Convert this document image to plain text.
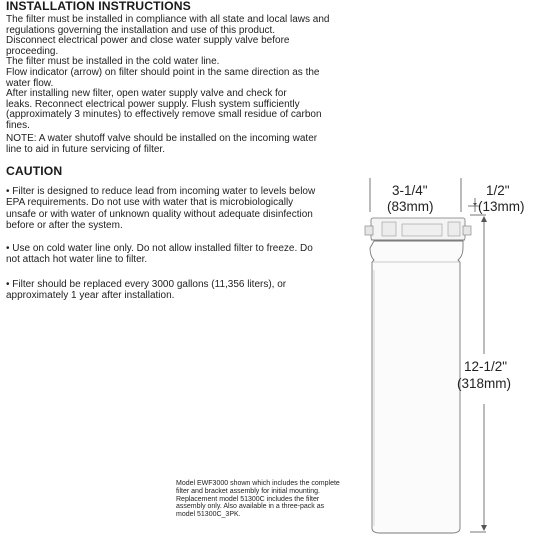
INSTALLATION INSTRUCTIONS
The filter must be installed in compliance with all state and local laws and
regulations governing the installation and use of this product.
Disconnect electrical power and close water supply valve before
proceeding.
The filter must be installed in the cold water line.
Flow indicator (arrow) on filter should point in the same direction as the
water flow.
After installing new filter, open water supply valve and check for
leaks. Reconnect electrical power supply. Flush system sufficiently
(approximately 3 minutes) to effectively remove small residue of carbon
fines.
NOTE: A water shutoff valve should be installed on the incoming water
line to aid in future servicing of filter.
CAUTION
• Filter is designed to reduce lead from incoming water to levels below
EPA requirements. Do not use with water that is microbiologically
unsafe or with water of unknown quality without adequate disinfection
before or after the system.
• Use on cold water line only. Do not allow installed filter to freeze. Do
not attach hot water line to filter.
• Filter should be replaced every 3000 gallons (11,356 liters), or
approximately 1 year after installation.
3-1/4"
(83mm)
1/2"
(13mm)
12-1/2"
(318mm)
Model EWF3000 shown which includes the complete
filter and bracket assembly for initial mounting.
Replacement model 51300C includes the filter
assembly only. Also available in a three-pack as
model 51300C_3PK.
